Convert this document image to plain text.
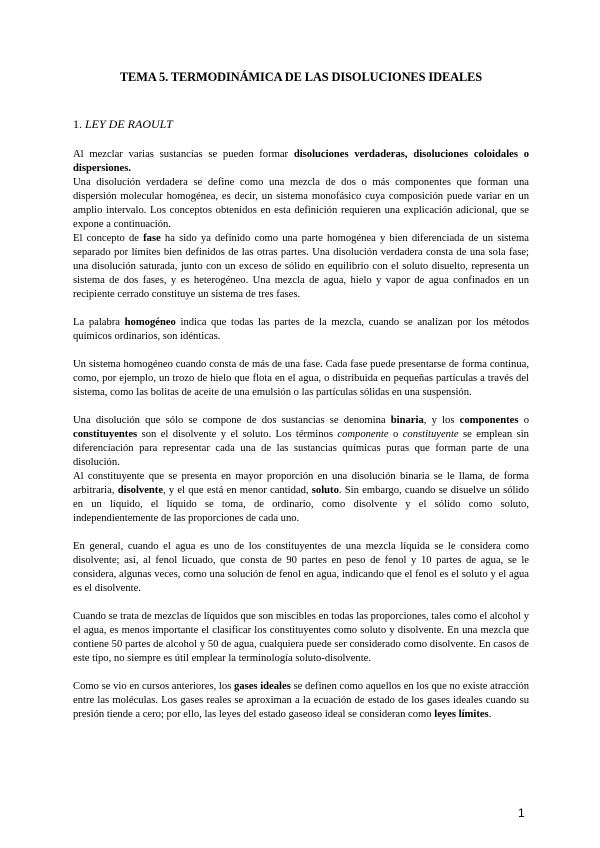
TEMA 5. TERMODINÁMICA DE LAS DISOLUCIONES IDEALES
1. LEY DE RAOULT

Al mezclar varias sustancias se pueden formar disoluciones verdaderas, disoluciones coloidales o dispersiones.

Una disolución verdadera se define como una mezcla de dos o más componentes que forman una dispersión molecular homogénea, es decir, un sistema monofásico cuya composición puede variar en un amplio intervalo. Los conceptos obtenidos en esta definición requieren una explicación adicional, que se expone a continuación.

El concepto de fase ha sido ya definido como una parte homogénea y bien diferenciada de un sistema separado por límites bien definidos de las otras partes. Una disolución verdadera consta de una sola fase; una disolución saturada, junto con un exceso de sólido en equilibrio con el soluto disuelto, representa un sistema de dos fases, y es heterogéneo. Una mezcla de agua, hielo y vapor de agua confinados en un recipiente cerrado constituye un sistema de tres fases.

La palabra homogéneo indica que todas las partes de la mezcla, cuando se analizan por los métodos químicos ordinarios, son idénticas.

Un sistema homogéneo cuando consta de más de una fase. Cada fase puede presentarse de forma continua, como, por ejemplo, un trozo de hielo que flota en el agua, o distribuida en pequeñas partículas a través del sistema, como las bolitas de aceite de una emulsión o las partículas sólidas en una suspensión.

Una disolución que sólo se compone de dos sustancias se denomina binaria, y los componentes o constituyentes son el disolvente y el soluto. Los términos componente o constituyente se emplean sin diferenciación para representar cada una de las sustancias químicas puras que forman parte de una disolución.

Al constituyente que se presenta en mayor proporción en una disolución binaria se le llama, de forma arbitraria, disolvente, y el que está en menor cantidad, soluto. Sin embargo, cuando se disuelve un sólido en un líquido, el líquido se toma, de ordinario, como disolvente y el sólido como soluto, independientemente de las proporciones de cada uno.

En general, cuando el agua es uno de los constituyentes de una mezcla líquida se le considera como disolvente; así, al fenol licuado, que consta de 90 partes en peso de fenol y 10 partes de agua, se le considera, algunas veces, como una solución de fenol en agua, indicando que el fenol es el soluto y el agua es el disolvente.

Cuando se trata de mezclas de líquidos que son miscibles en todas las proporciones, tales como el alcohol y el agua, es menos importante el clasificar los constituyentes como soluto y disolvente. En una mezcla que contiene 50 partes de alcohol y 50 de agua, cualquiera puede ser considerado como disolvente. En casos de este tipo, no siempre es útil emplear la terminología soluto-disolvente.

Como se vio en cursos anteriores, los gases ideales se definen como aquellos en los que no existe atracción entre las moléculas. Los gases reales se aproximan a la ecuación de estado de los gases ideales cuando su presión tiende a cero; por ello, las leyes del estado gaseoso ideal se consideran como leyes límites.

1
